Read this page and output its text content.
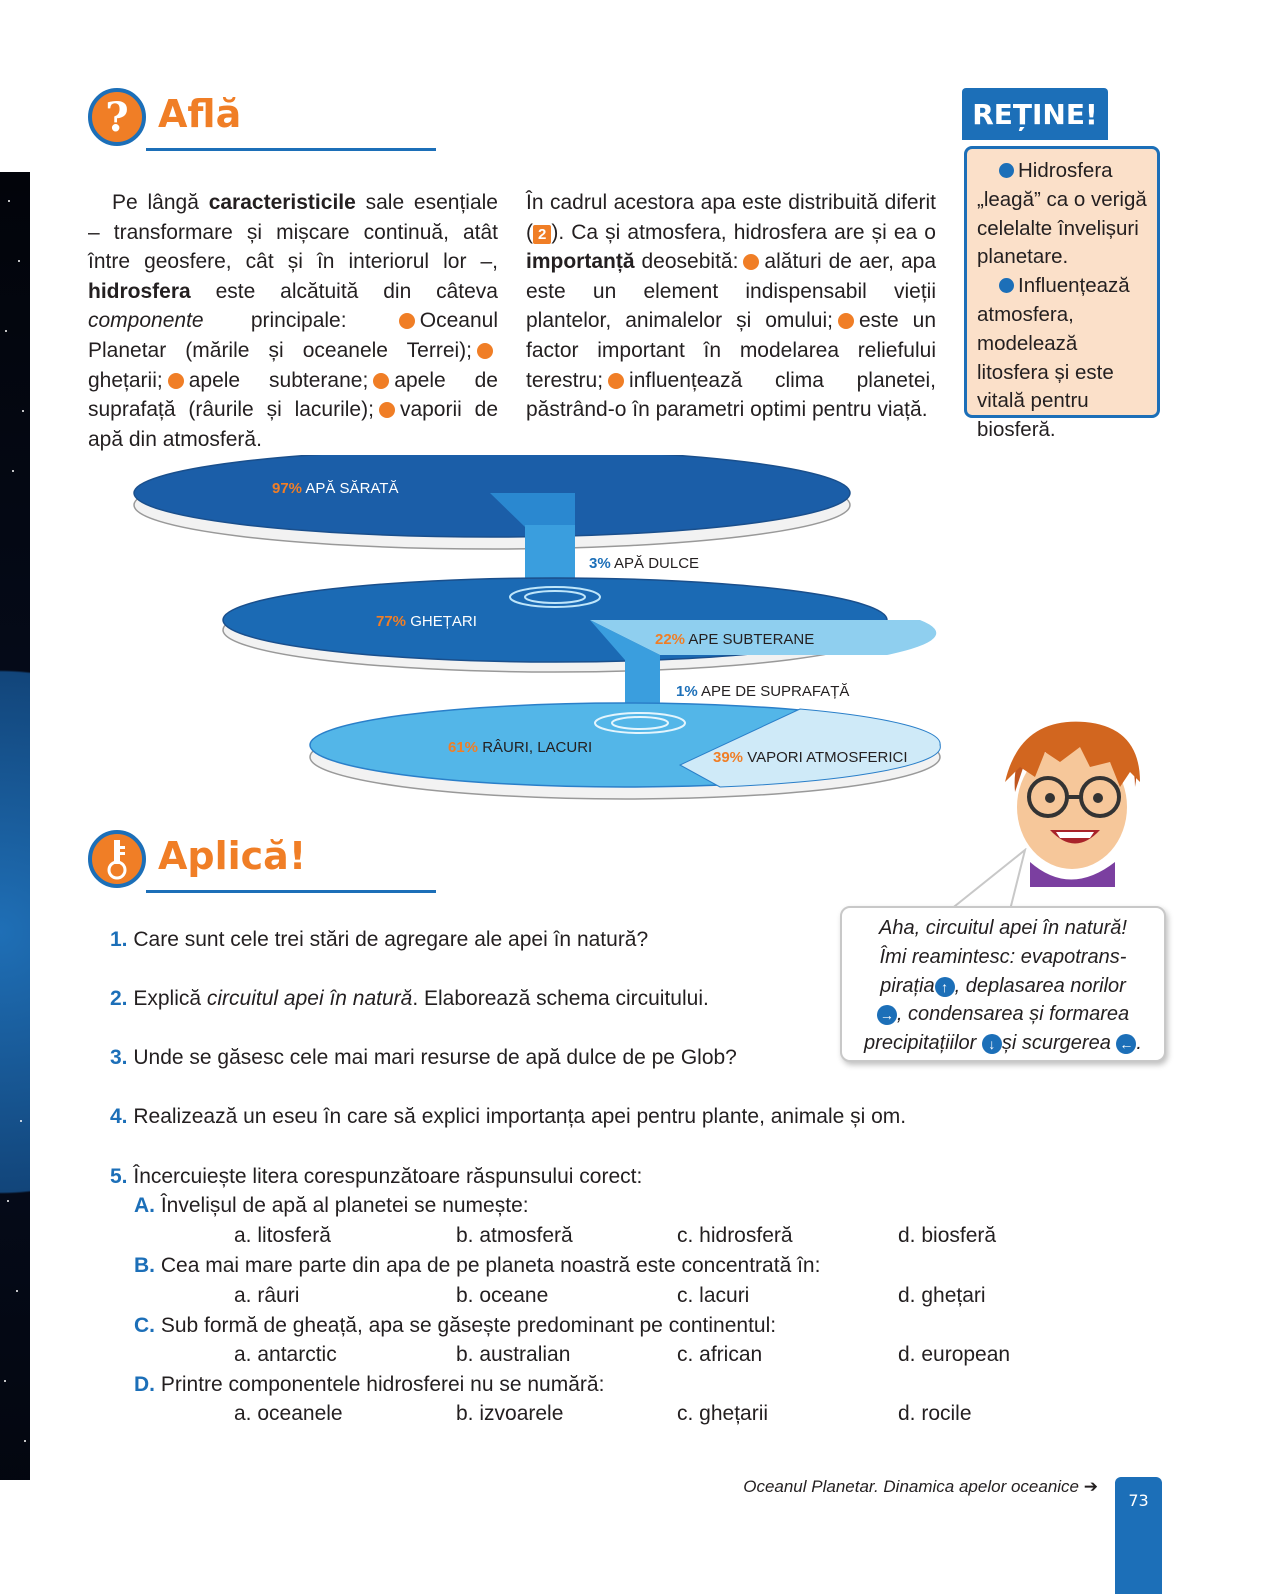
? Află
Pe lângă caracteristicile sale esențiale – transformare și mișcare continuă, atât între geosfere, cât și în interiorul lor –, hidrosfera este alcătuită din câteva componente principale: Oceanul Planetar (mările și oceanele Terrei);ghețarii; apele subterane; apele de suprafață (râurile și lacurile); vaporii de apă din atmosferă.
În cadrul acestora apa este distribuită diferit ( 2 ). Ca și atmosfera, hidrosfera are și ea o importanță deosebită: alături de aer, apa este un element indispensabil vieții plantelor, animalelor și omului; este un factor important în modelarea reliefului terestru; influențează clima planetei, păstrând-o în parametri optimi pentru viață.
REȚINE!
Hidrosfera „leagă” ca o verigă celelalte învelișuri planetare.
Influențează atmosfera, modelează litosfera și este vitală pentru biosferă.
97% APĂ SĂRATĂ
3% APĂ DULCE
77% GHEȚARI
22% APE SUBTERANE
1% APE DE SUPRAFAȚĂ
61% RÂURI, LACURI
39% VAPORI ATMOSFERICI
Aplică!
Aha, circuitul apei în natură!
Îmi reamintesc: evapotrans-
pirația ↑ , deplasarea norilor
→ , condensarea și formarea
precipitațiilor ↓ și scurgerea ← .
1. Care sunt cele trei stări de agregare ale apei în natură?
2. Explică circuitul apei în natură. Elaborează schema circuitului.
3. Unde se găsesc cele mai mari resurse de apă dulce de pe Glob?
4. Realizează un eseu în care să explici importanța apei pentru plante, animale și om.
5. Încercuiește litera corespunzătoare răspunsului corect:
A. Învelișul de apă al planetei se numește:
a. litosferă	b. atmosferă	c. hidrosferă	d. biosferă
B. Cea mai mare parte din apa de pe planeta noastră este concentrată în:
a. râuri	b. oceane	c. lacuri	d. ghețari
C. Sub formă de gheață, apa se găsește predominant pe continentul:
a. antarctic	b. australian	c. african	d. european
D. Printre componentele hidrosferei nu se numără:
a. oceanele	b. izvoarele	c. ghețarii	d. rocile
Oceanul Planetar. Dinamica apelor oceanice ➔
73
